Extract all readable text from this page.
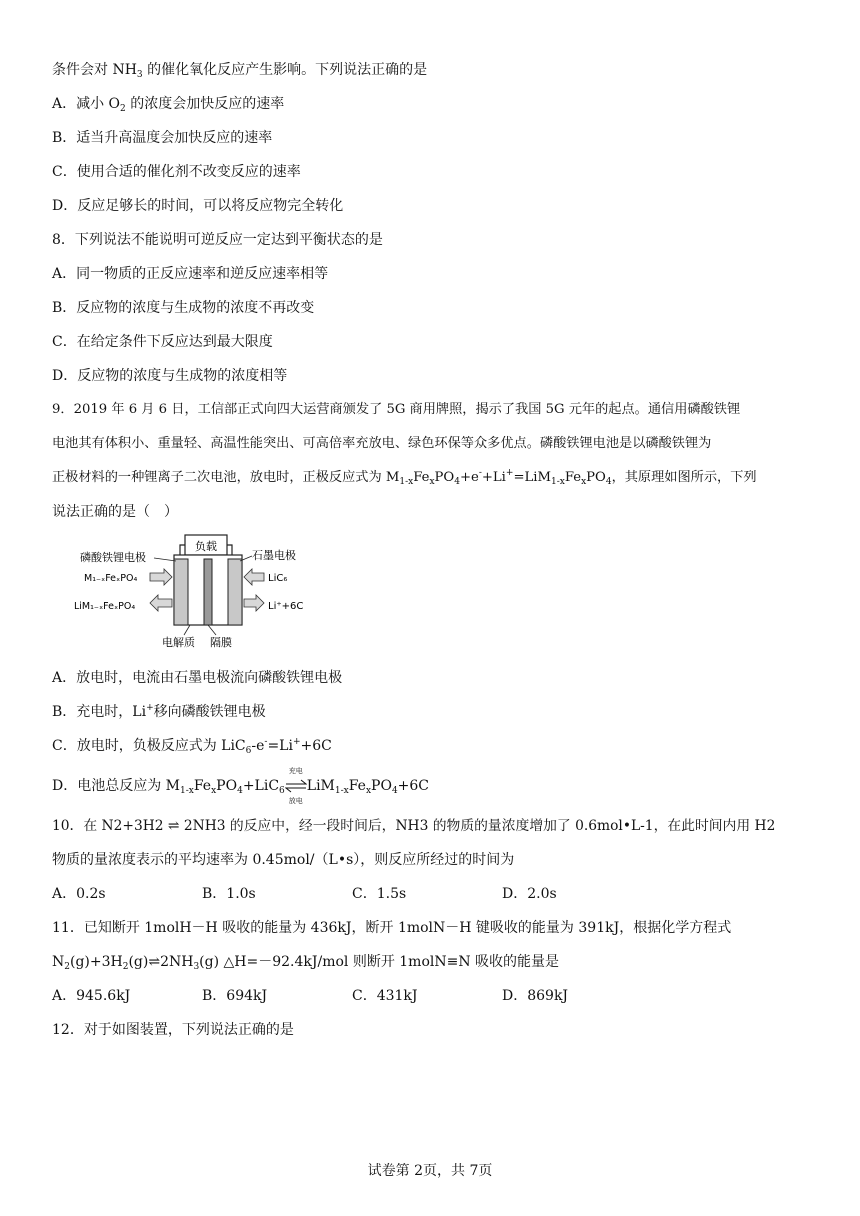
条件会对 $NH_3$ 的催化氧化反应产生影响。下列说法正确的是
A．减小 $O_2$ 的浓度会加快反应的速率
B．适当升高温度会加快反应的速率
C．使用合适的催化剂不改变反应的速率
D．反应足够长的时间，可以将反应物完全转化
8．下列说法不能说明可逆反应一定达到平衡状态的是
A．同一物质的正反应速率和逆反应速率相等
B．反应物的浓度与生成物的浓度不再改变
C．在给定条件下反应达到最大限度
D．反应物的浓度与生成物的浓度相等
9．2019 年 6 月 6 日，工信部正式向四大运营商颁发了 5G 商用牌照，揭示了我国 5G 元年的起点。通信用磷酸铁锂
电池其有体积小、重量轻、高温性能突出、可高倍率充放电、绿色环保等众多优点。磷酸铁锂电池是以磷酸铁锂为
正极材料的一种锂离子二次电池，放电时，正极反应式为 $M_{1-x}Fe_xPO_4+e^-+Li^+=LiM_{1-x}Fe_xPO_4$，其原理如图所示，下列
说法正确的是（　）
负载
磷酸铁锂电极	石墨电极
M₁₋ₓFeₓPO₄
LiM₁₋ₓFeₓPO₄
LiC₆
Li⁺+6C
电解质 隔膜
A．放电时，电流由石墨电极流向磷酸铁锂电极
B．充电时，Li+移向磷酸铁锂电极
C．放电时，负极反应式为 LiC$_6$-e-=Li++6C
D．电池总反应为 $M_{1-x}Fe_xPO_4+LiC_6$
充电
放电
$LiM_{1-x}Fe_xPO_4+6C$
10．在 N2+3H2 ⇌ 2NH3 的反应中，经一段时间后，NH3 的物质的量浓度增加了 0.6mol•L-1，在此时间内用 H2
物质的量浓度表示的平均速率为 0.45mol/（L•s），则反应所经过的时间为
A．0.2s	B．1.0s	C．1.5s	D．2.0s
11．已知断开 1molH－H 吸收的能量为 436kJ，断开 1molN－H 键吸收的能量为 391kJ，根据化学方程式
$N_2(g)+3H_2(g)\rightleftharpoons 2NH_3(g)$ △H=－92.4kJ/mol 则断开 1molN≡N 吸收的能量是
A．945.6kJ	B．694kJ	C．431kJ	D．869kJ
12．对于如图装置，下列说法正确的是
试卷第 2页，共 7页
